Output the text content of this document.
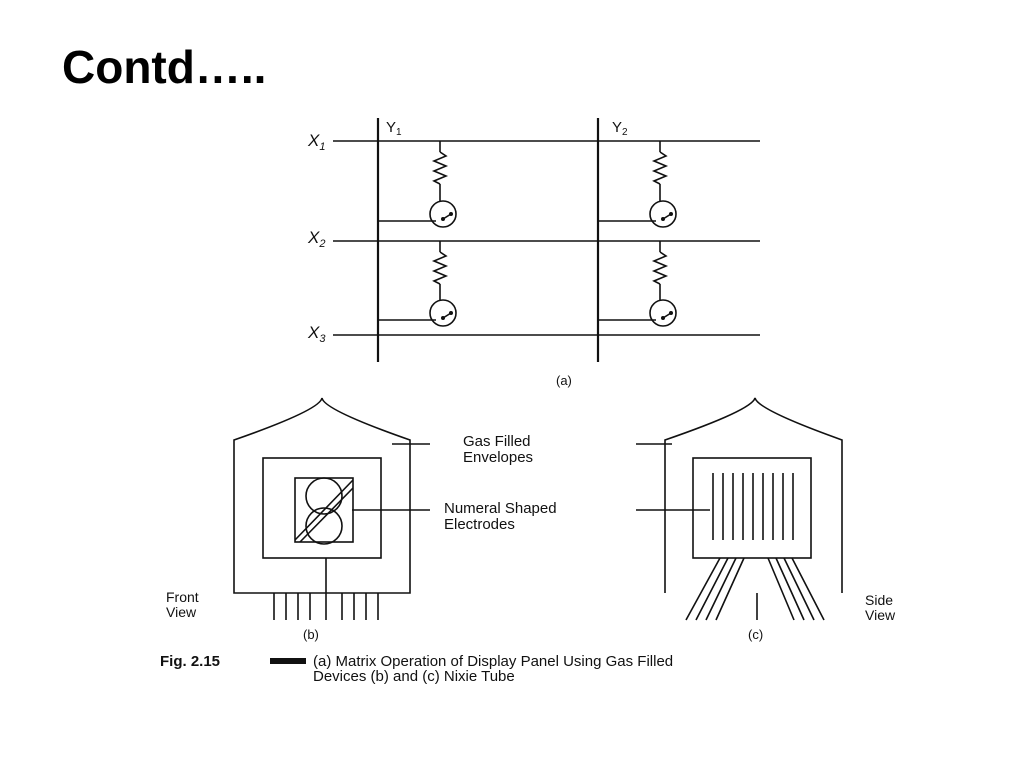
Contd…..
$X_1$
$X_2$
$X_3$
$Y_1$	$Y_2$
(a)
Front
View
(b)
Side
View
(c)
Gas Filled
Envelopes
Numeral Shaped
Electrodes
Fig. 2.15	(a) Matrix Operation of Display Panel Using Gas Filled
Devices (b) and (c) Nixie Tube
